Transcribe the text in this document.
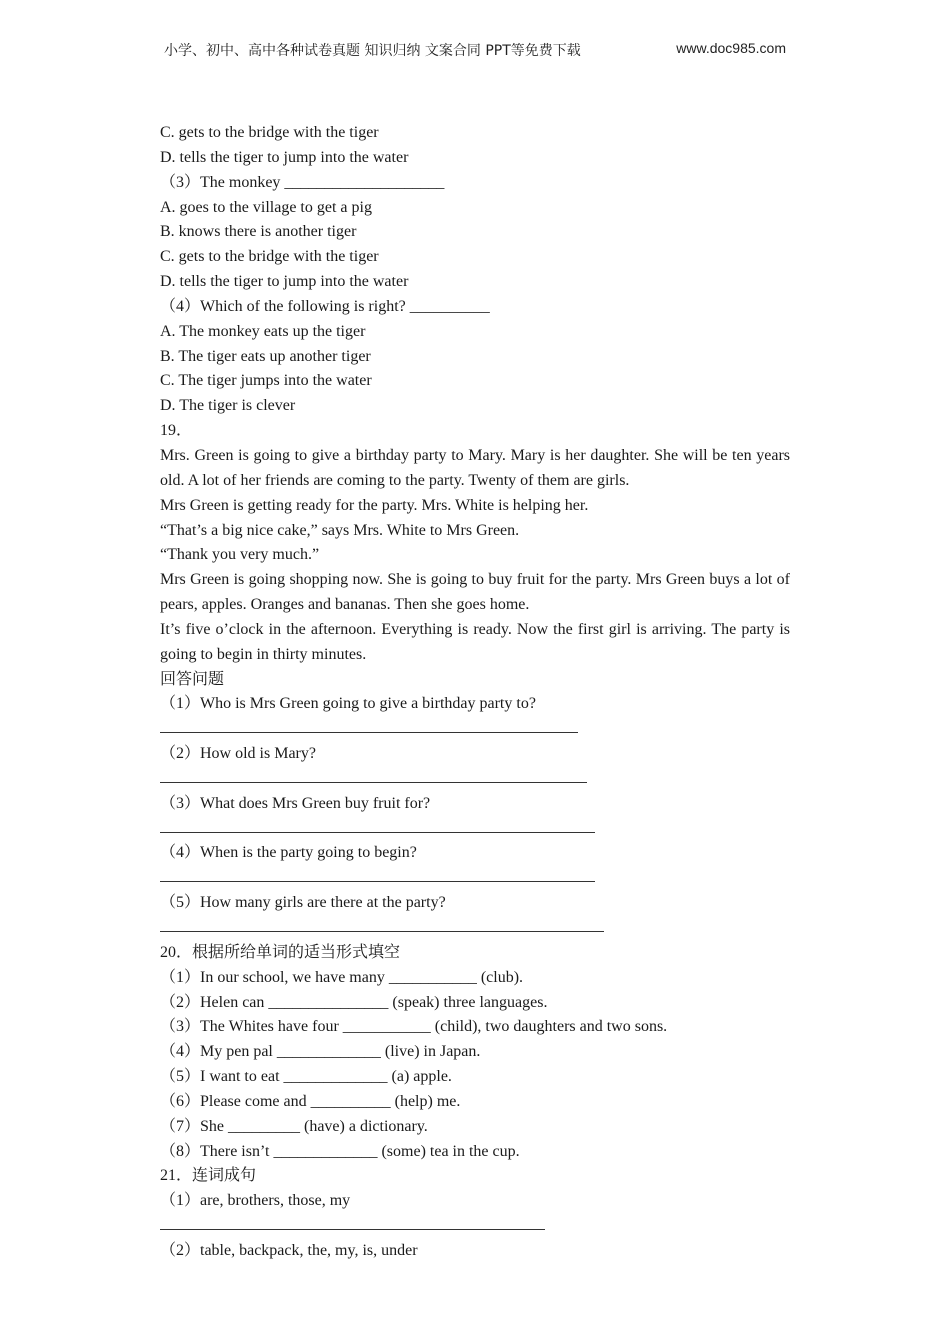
小学、初中、高中各种试卷真题 知识归纳 文案合同 PPT等免费下载	www.doc985.com
C. gets to the bridge with the tiger
D. tells the tiger to jump into the water
（3）The monkey ____________________
A. goes to the village to get a pig
B. knows there is another tiger
C. gets to the bridge with the tiger
D. tells the tiger to jump into the water
（4）Which of the following is right? __________
A. The monkey eats up the tiger
B. The tiger eats up another tiger
C. The tiger jumps into the water
D. The tiger is clever
19．
Mrs. Green is going to give a birthday party to Mary. Mary is her daughter. She will be ten years old. A lot of her friends are coming to the party. Twenty of them are girls.
Mrs Green is getting ready for the party. Mrs. White is helping her.
“That’s a big nice cake,” says Mrs. White to Mrs Green.
“Thank you very much.”
Mrs Green is going shopping now. She is going to buy fruit for the party. Mrs Green buys a lot of pears, apples. Oranges and bananas. Then she goes home.
It’s five o’clock in the afternoon. Everything is ready. Now the first girl is arriving. The party is going to begin in thirty minutes.
回答问题
（1）Who is Mrs Green going to give a birthday party to?
（2）How old is Mary?
（3）What does Mrs Green buy fruit for?
（4）When is the party going to begin?
（5）How many girls are there at the party?
20．根据所给单词的适当形式填空
（1）In our school, we have many ___________ (club).
（2）Helen can _______________ (speak) three languages.
（3）The Whites have four ___________ (child), two daughters and two sons.
（4）My pen pal _____________ (live) in Japan.
（5）I want to eat _____________ (a) apple.
（6）Please come and __________ (help) me.
（7）She _________ (have) a dictionary.
（8）There isn’t _____________ (some) tea in the cup.
21．连词成句
（1）are, brothers, those, my
（2）table, backpack, the, my, is, under
